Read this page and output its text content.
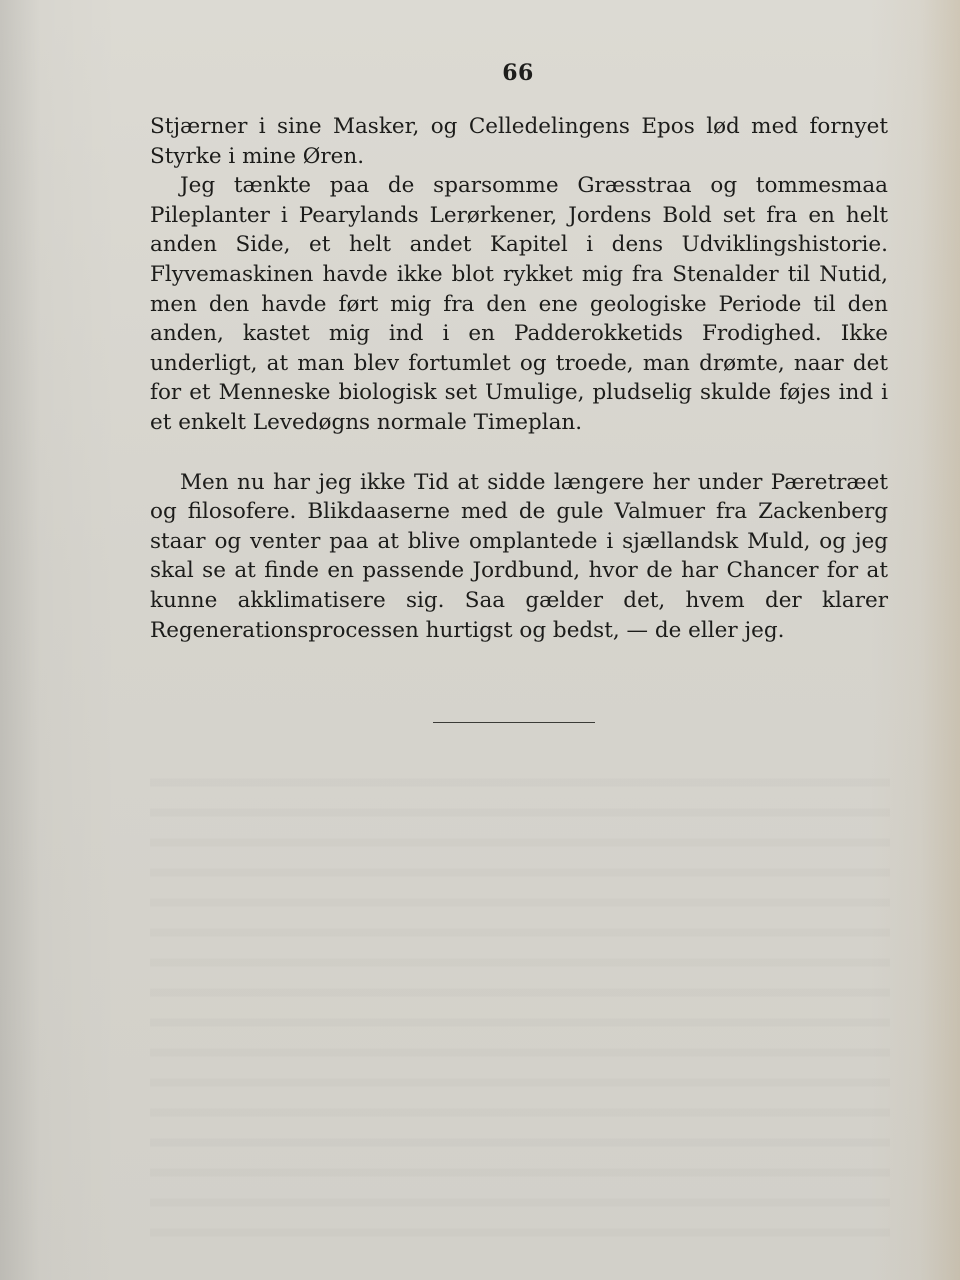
66

Stjærner i sine Masker, og Celledelingens Epos lød med fornyet Styrke i mine Øren.

Jeg tænkte paa de sparsomme Græsstraa og tommesmaa Pileplanter i Pearylands Lerørkener, Jordens Bold set fra en helt anden Side, et helt andet Kapitel i dens Udviklingshistorie. Flyvemaskinen havde ikke blot rykket mig fra Stenalder til Nutid, men den havde ført mig fra den ene geologiske Periode til den anden, kastet mig ind i en Padderokketids Frodighed. Ikke underligt, at man blev fortumlet og troede, man drømte, naar det for et Menneske biologisk set Umulige, pludselig skulde føjes ind i et enkelt Levedøgns normale Timeplan.

Men nu har jeg ikke Tid at sidde længere her under Pæretræet og filosofere. Blikdaaserne med de gule Valmuer fra Zackenberg staar og venter paa at blive omplantede i sjællandsk Muld, og jeg skal se at finde en passende Jordbund, hvor de har Chancer for at kunne akklimatisere sig. Saa gælder det, hvem der klarer Regenerationsprocessen hurtigst og bedst, — de eller jeg.
